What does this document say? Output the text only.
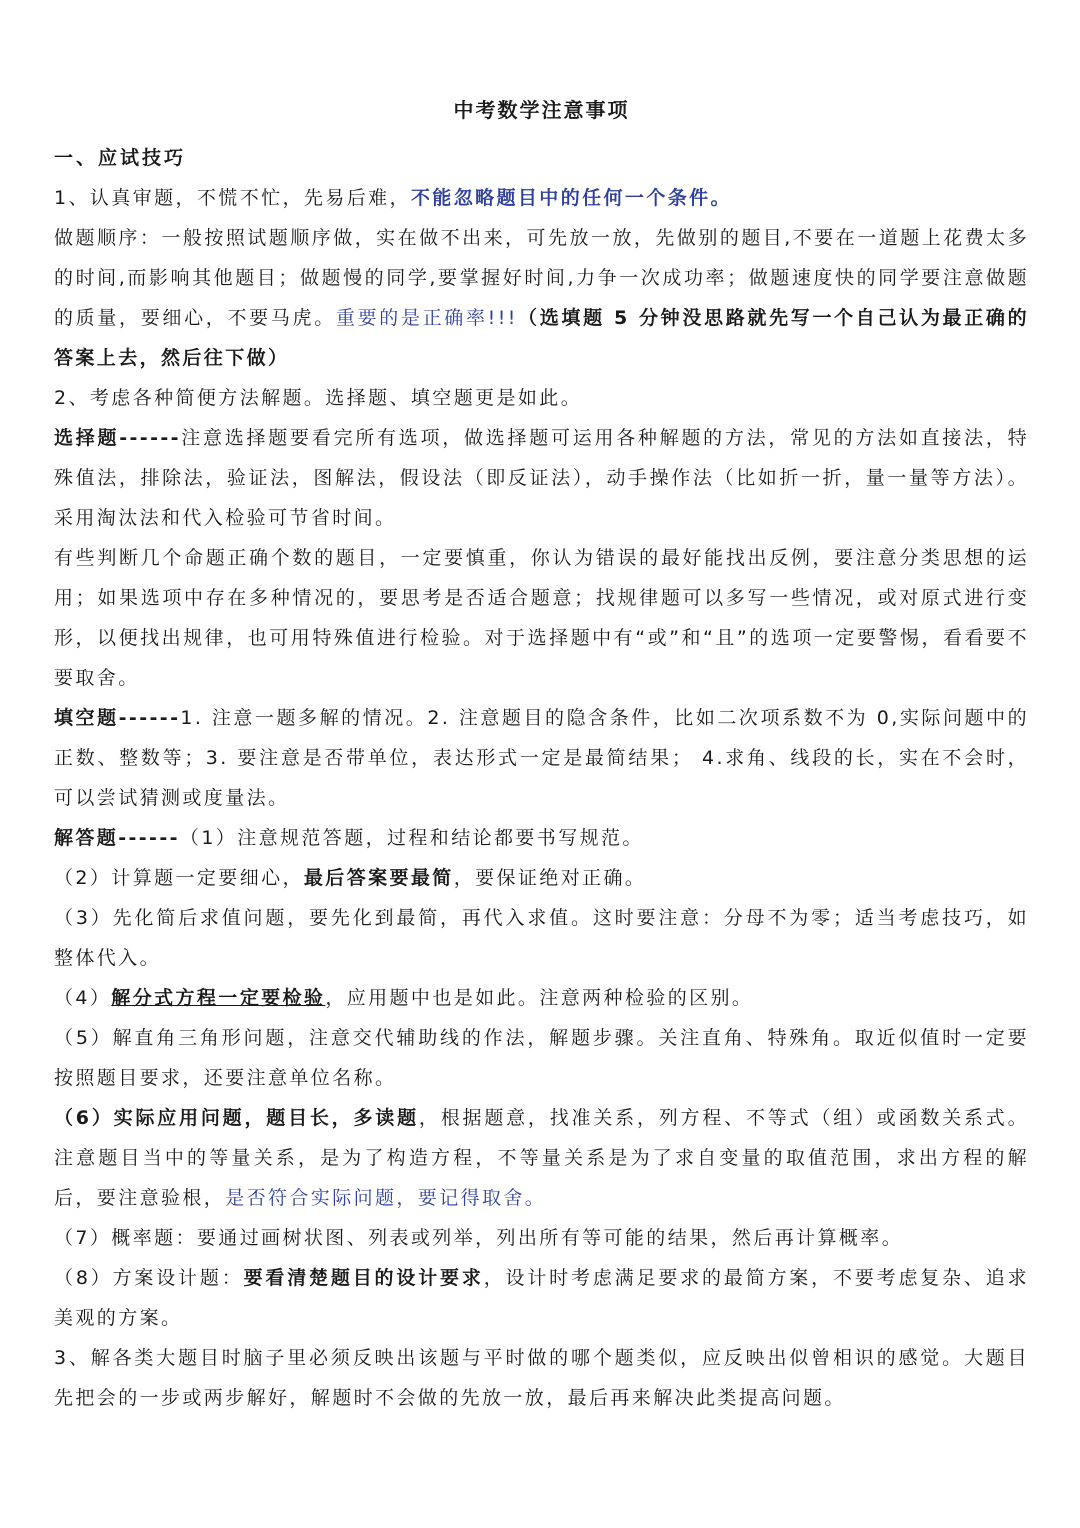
中考数学注意事项

一、应试技巧

1、认真审题，不慌不忙，先易后难，不能忽略题目中的任何一个条件。

做题顺序：一般按照试题顺序做，实在做不出来，可先放一放，先做别的题目,不要在一道题上花费太多的时间,而影响其他题目；做题慢的同学,要掌握好时间,力争一次成功率；做题速度快的同学要注意做题的质量，要细心，不要马虎。重要的是正确率!!!（选填题 5 分钟没思路就先写一个自己认为最正确的答案上去，然后往下做）

2、考虑各种简便方法解题。选择题、填空题更是如此。

选择题------注意选择题要看完所有选项，做选择题可运用各种解题的方法，常见的方法如直接法，特殊值法，排除法，验证法，图解法，假设法（即反证法），动手操作法（比如折一折，量一量等方法）。采用淘汰法和代入检验可节省时间。

有些判断几个命题正确个数的题目，一定要慎重，你认为错误的最好能找出反例，要注意分类思想的运用；如果选项中存在多种情况的，要思考是否适合题意；找规律题可以多写一些情况，或对原式进行变形，以便找出规律，也可用特殊值进行检验。对于选择题中有“或”和“且”的选项一定要警惕，看看要不要取舍。

填空题------1. 注意一题多解的情况。2. 注意题目的隐含条件，比如二次项系数不为 0,实际问题中的正数、整数等；3. 要注意是否带单位，表达形式一定是最简结果； 4.求角、线段的长，实在不会时，可以尝试猜测或度量法。

解答题------（1）注意规范答题，过程和结论都要书写规范。

（2）计算题一定要细心，最后答案要最简，要保证绝对正确。

（3）先化简后求值问题，要先化到最简，再代入求值。这时要注意：分母不为零；适当考虑技巧，如整体代入。

（4）解分式方程一定要检验，应用题中也是如此。注意两种检验的区别。

（5）解直角三角形问题，注意交代辅助线的作法，解题步骤。关注直角、特殊角。取近似值时一定要按照题目要求，还要注意单位名称。

（6）实际应用问题，题目长，多读题，根据题意，找准关系，列方程、不等式（组）或函数关系式。注意题目当中的等量关系，是为了构造方程，不等量关系是为了求自变量的取值范围，求出方程的解后，要注意验根，是否符合实际问题，要记得取舍。

（7）概率题：要通过画树状图、列表或列举，列出所有等可能的结果，然后再计算概率。

（8）方案设计题：要看清楚题目的设计要求，设计时考虑满足要求的最简方案，不要考虑复杂、追求美观的方案。

3、解各类大题目时脑子里必须反映出该题与平时做的哪个题类似，应反映出似曾相识的感觉。大题目先把会的一步或两步解好，解题时不会做的先放一放，最后再来解决此类提高问题。
